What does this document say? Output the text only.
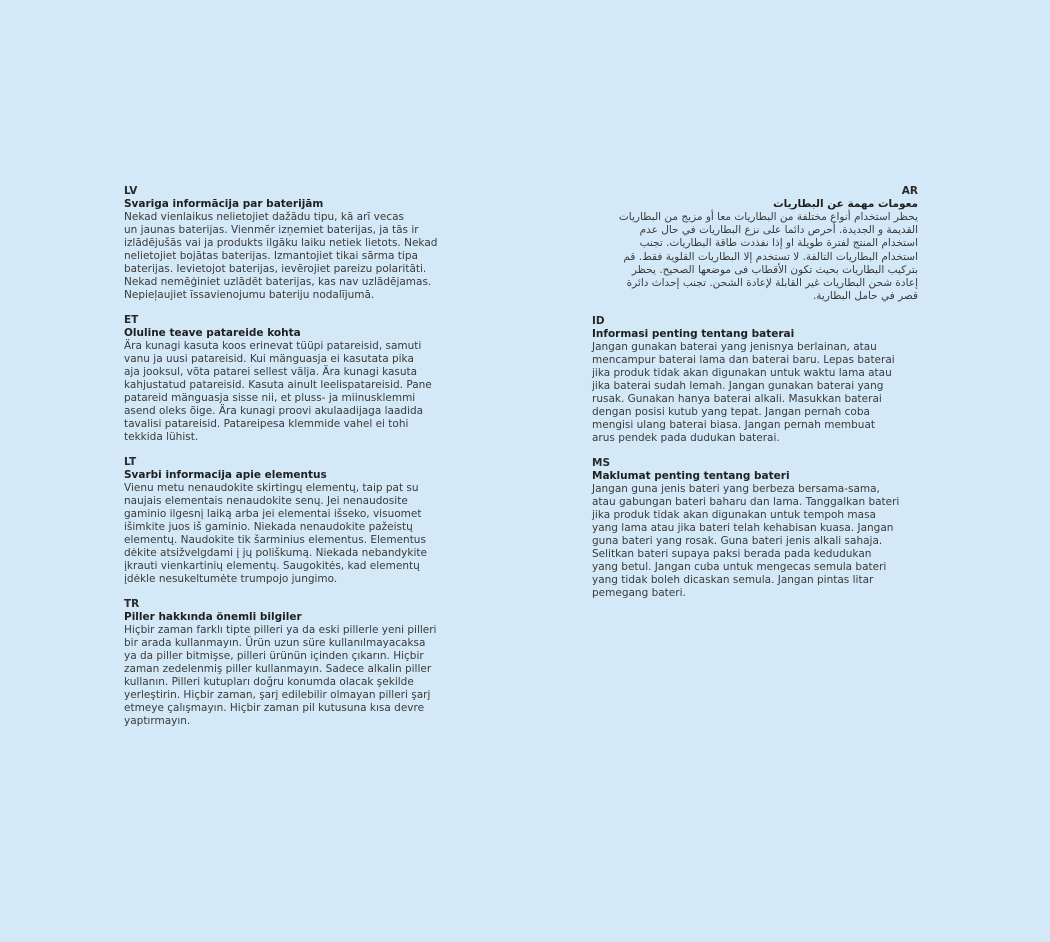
LV

Svariga informācija par baterijām

Nekad vienlaikus nelietojiet dažādu tipu, kā arī vecas

un jaunas baterijas. Vienmēr izņemiet baterijas, ja tās ir

izlādējušās vai ja produkts ilgāku laiku netiek lietots. Nekad

nelietojiet bojātas baterijas. Izmantojiet tikai sārma tipa

baterijas. Ievietojot baterijas, ievērojiet pareizu polaritāti.

Nekad nemēģiniet uzlādēt baterijas, kas nav uzlādējamas.

Nepieļaujiet īssavienojumu bateriju nodalījumā.

ET

Oluline teave patareide kohta

Ära kunagi kasuta koos erinevat tüüpi patareisid, samuti

vanu ja uusi patareisid. Kui mänguasja ei kasutata pika

aja jooksul, võta patarei sellest välja. Ära kunagi kasuta

kahjustatud patareisid. Kasuta ainult leelispatareisid. Pane

patareid mänguasja sisse nii, et pluss- ja miinusklemmi

asend oleks õige. Ära kunagi proovi akulaadijaga laadida

tavalisi patareisid. Patareipesa klemmide vahel ei tohi

tekkida lühist.

LT

Svarbi informacija apie elementus

Vienu metu nenaudokite skirtingų elementų, taip pat su

naujais elementais nenaudokite senų. Jei nenaudosite

gaminio ilgesnį laiką arba jei elementai išseko, visuomet

išimkite juos iš gaminio. Niekada nenaudokite pažeistų

elementų. Naudokite tik šarminius elementus. Elementus

dėkite atsižvelgdami į jų poliškumą. Niekada nebandykite

įkrauti vienkartinių elementų. Saugokitės, kad elementų

įdėkle nesukeltumėte trumpojo jungimo.

TR

Piller hakkında önemli bilgiler

Hiçbir zaman farklı tipte pilleri ya da eski pillerle yeni pilleri

bir arada kullanmayın. Ürün uzun süre kullanılmayacaksa

ya da piller bitmişse, pilleri ürünün içinden çıkarın. Hiçbir

zaman zedelenmiş piller kullanmayın. Sadece alkalin piller

kullanın. Pilleri kutupları doğru konumda olacak şekilde

yerleştirin. Hiçbir zaman, şarj edilebilir olmayan pilleri şarj

etmeye çalışmayın. Hiçbir zaman pil kutusuna kısa devre

yaptırmayın.

AR

معومات مهمة عن البطاريات

يحظر استخدام أنواع مختلفة من البطاريات معا أو مزيج من البطاريات

القديمة و الجديدة. أحرص دائما على نزع البطاريات في حال عدم

استخدام المنتج لفترة طويلة او إذا نفذدت طاقة البطاريات. تجنب

استخدام البطاريات التالفة. لا تستخدم إلا البطاريات القلوية فقط. قم

بتركيب البطاريات بحيث تكون الأقطاب فى موضعها الصحيح. يحظر

إعادة شحن البطاريات غير القابلة لإعادة الشحن. تجنب إحداث دائرة

قصر في حامل البطارية.

ID

Informasi penting tentang baterai

Jangan gunakan baterai yang jenisnya berlainan, atau

mencampur baterai lama dan baterai baru. Lepas baterai

jika produk tidak akan digunakan untuk waktu lama atau

jika baterai sudah lemah. Jangan gunakan baterai yang

rusak. Gunakan hanya baterai alkali. Masukkan baterai

dengan posisi kutub yang tepat. Jangan pernah coba

mengisi ulang baterai biasa. Jangan pernah membuat

arus pendek pada dudukan baterai.

MS

Maklumat penting tentang bateri

Jangan guna jenis bateri yang berbeza bersama-sama,

atau gabungan bateri baharu dan lama. Tanggalkan bateri

jika produk tidak akan digunakan untuk tempoh masa

yang lama atau jika bateri telah kehabisan kuasa. Jangan

guna bateri yang rosak. Guna bateri jenis alkali sahaja.

Selitkan bateri supaya paksi berada pada kedudukan

yang betul. Jangan cuba untuk mengecas semula bateri

yang tidak boleh dicaskan semula. Jangan pintas litar

pemegang bateri.
